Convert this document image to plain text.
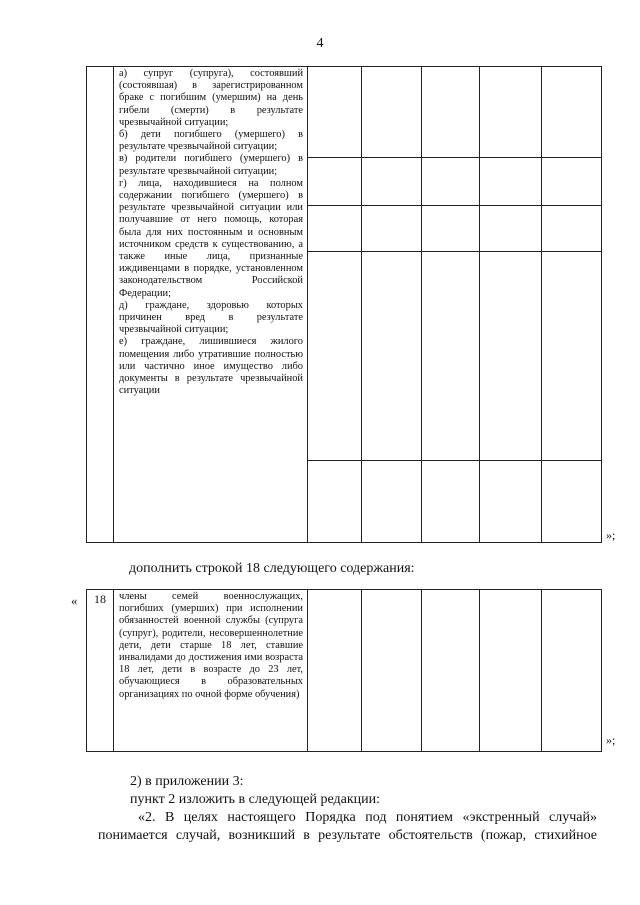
4

а) супруг (супруга), состоявший (состоявшая) в зарегистрированном браке с погибшим (умершим) на день гибели (смерти) в результате чрезвычайной ситуации;
б) дети погибшего (умершего) в результате чрезвычайной ситуации;
в) родители погибшего (умершего) в результате чрезвычайной ситуации;
г) лица, находившиеся на полном содержании погибшего (умершего) в результате чрезвычайной ситуации или получавшие от него помощь, которая была для них постоянным и основным источником средств к существованию, а также иные лица, признанные иждивенцами в порядке, установленном законодательством Российской Федерации;
д) граждане, здоровью которых причинен вред в результате чрезвычайной ситуации;
е) граждане, лишившиеся жилого помещения либо утратившие полностью или частично иное имущество либо документы в результате чрезвычайной ситуации

»;
дополнить строкой 18 следующего содержания:
« 18	члены семей военнослужащих, погибших (умерших) при исполнении обязанностей военной службы (супруга (супруг), родители, несовершеннолетние дети, дети старше 18 лет, ставшие инвалидами до достижения ими возраста 18 лет, дети в возрасте до 23 лет, обучающиеся в образовательных организациях по очной форме обучения)

»;
2) в приложении 3:
пункт 2 изложить в следующей редакции:
«2. В целях настоящего Порядка под понятием «экстренный случай»
понимается случай, возникший в результате обстоятельств (пожар, стихийное
